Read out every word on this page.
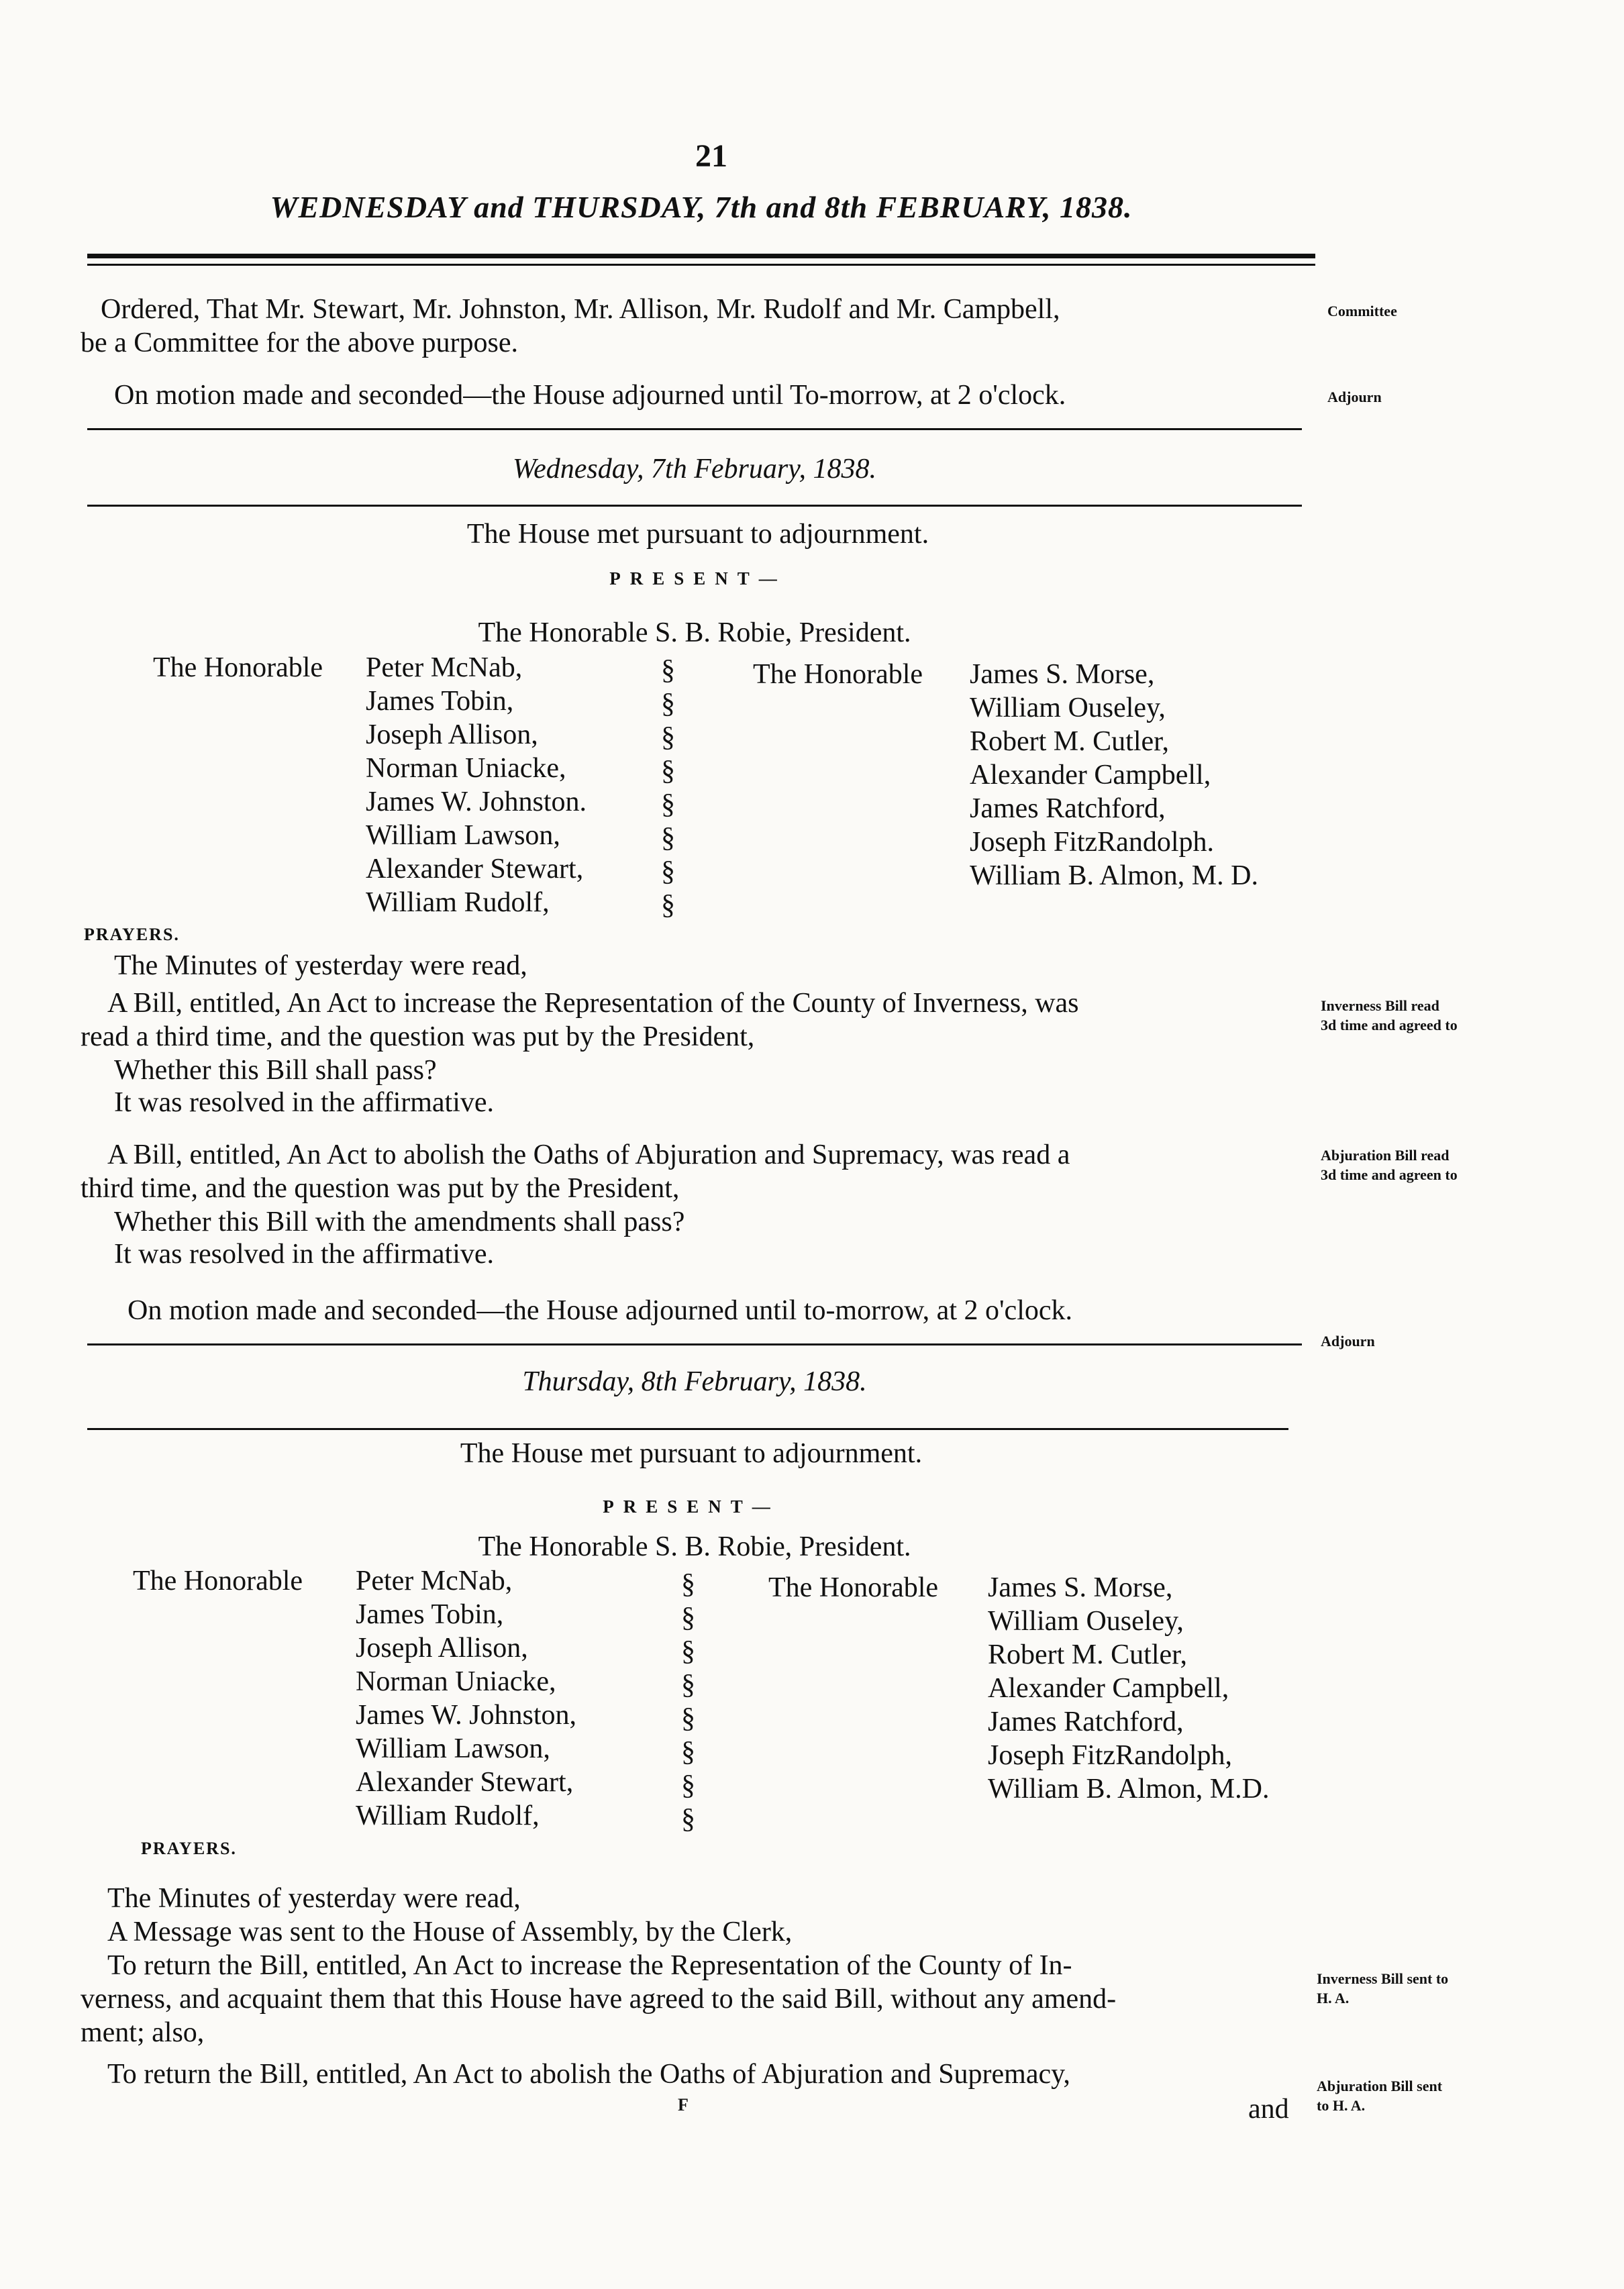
21
WEDNESDAY and THURSDAY, 7th and 8th FEBRUARY, 1838.
Ordered, That Mr. Stewart, Mr. Johnston, Mr. Allison, Mr. Rudolf and Mr. Campbell,
be a Committee for the above purpose.
Committee
On motion made and seconded—the House adjourned until To-morrow, at 2 o'clock.	Adjourn
Wednesday, 7th February, 1838.
The House met pursuant to adjournment.
PRESENT—
The Honorable S. B. Robie, President.
The Honorable Peter McNab,
James Tobin,
Joseph Allison,
Norman Uniacke,
James W. Johnston.
William Lawson,
Alexander Stewart,
William Rudolf,
§
§
§
§
§
§
§
§
The Honorable James S. Morse,
William Ouseley,
Robert M. Cutler,
Alexander Campbell,
James Ratchford,
Joseph FitzRandolph.
William B. Almon, M. D.
PRAYERS.
The Minutes of yesterday were read,
A Bill, entitled, An Act to increase the Representation of the County of Inverness, was
read a third time, and the question was put by the President,
Whether this Bill shall pass?
It was resolved in the affirmative.
Inverness Bill read
3d time and agreed to
A Bill, entitled, An Act to abolish the Oaths of Abjuration and Supremacy, was read a
third time, and the question was put by the President,
Whether this Bill with the amendments shall pass?
It was resolved in the affirmative.
Abjuration Bill read
3d time and agreen to
On motion made and seconded—the House adjourned until to-morrow, at 2 o'clock.
Adjourn
Thursday, 8th February, 1838.
The House met pursuant to adjournment.
PRESENT—
The Honorable S. B. Robie, President.
The Honorable Peter McNab,
James Tobin,
Joseph Allison,
Norman Uniacke,
James W. Johnston,
William Lawson,
Alexander Stewart,
William Rudolf,
§
§
§
§
§
§
§
§
The Honorable James S. Morse,
William Ouseley,
Robert M. Cutler,
Alexander Campbell,
James Ratchford,
Joseph FitzRandolph,
William B. Almon, M.D.
PRAYERS.
The Minutes of yesterday were read,
A Message was sent to the House of Assembly, by the Clerk,
To return the Bill, entitled, An Act to increase the Representation of the County of In-
verness, and acquaint them that this House have agreed to the said Bill, without any amend-
ment; also,
Inverness Bill sent to
H. A.
To return the Bill, entitled, An Act to abolish the Oaths of Abjuration and Supremacy,
and
Abjuration Bill sent
to H. A.
F
